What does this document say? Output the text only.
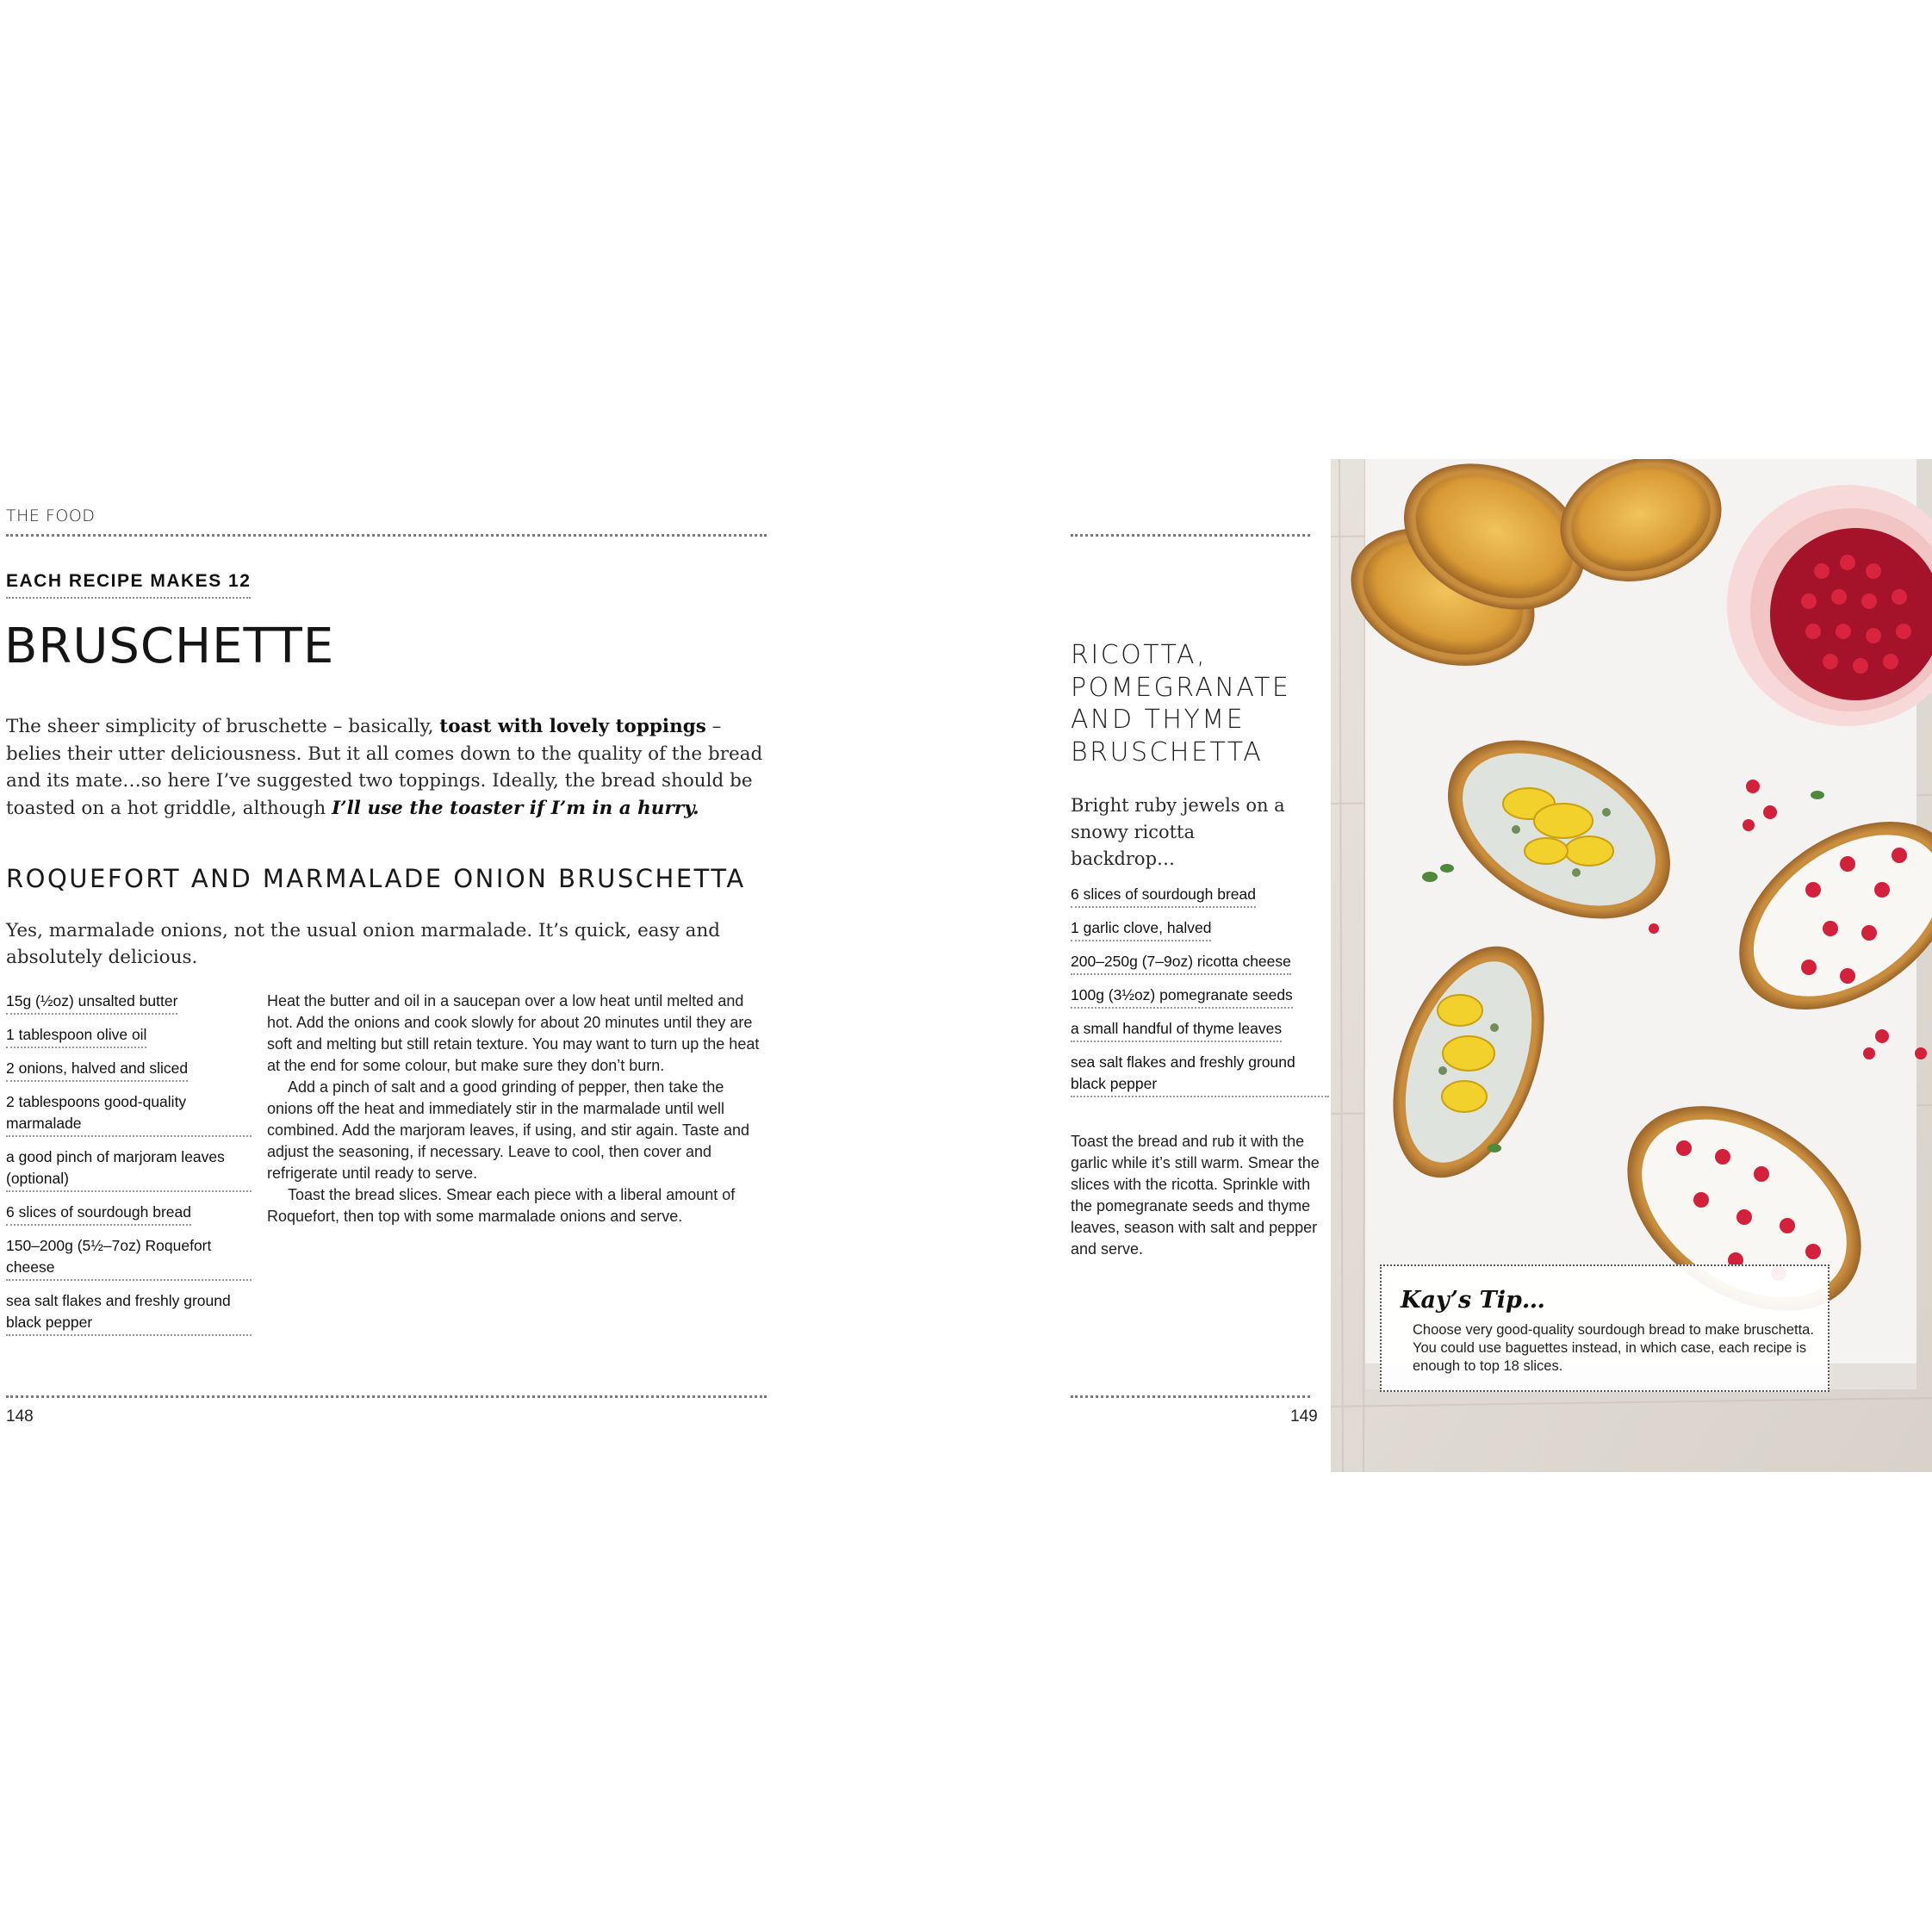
THE FOOD
EACH RECIPE MAKES 12
BRUSCHETTE
The sheer simplicity of bruschette – basically, toast with lovely toppings – belies their utter deliciousness. But it all comes down to the quality of the bread and its mate…so here I’ve suggested two toppings. Ideally, the bread should be toasted on a hot griddle, although I’ll use the toaster if I’m in a hurry.
ROQUEFORT AND MARMALADE ONION BRUSCHETTA
Yes, marmalade onions, not the usual onion marmalade. It’s quick, easy and absolutely delicious.
15g (½oz) unsalted butter
1 tablespoon olive oil
2 onions, halved and sliced
2 tablespoons good-quality marmalade
a good pinch of marjoram leaves (optional)
6 slices of sourdough bread
150–200g (5½–7oz) Roquefort cheese
sea salt flakes and freshly ground black pepper

Heat the butter and oil in a saucepan over a low heat until melted and hot. Add the onions and cook slowly for about 20 minutes until they are soft and melting but still retain texture. You may want to turn up the heat at the end for some colour, but make sure they don’t burn.

Add a pinch of salt and a good grinding of pepper, then take the onions off the heat and immediately stir in the marmalade until well combined. Add the marjoram leaves, if using, and stir again. Taste and adjust the seasoning, if necessary. Leave to cool, then cover and refrigerate until ready to serve.

Toast the bread slices. Smear each piece with a liberal amount of Roquefort, then top with some marmalade onions and serve.

148
RICOTTA, POMEGRANATE AND THYME BRUSCHETTA
Bright ruby jewels on a snowy ricotta backdrop…
6 slices of sourdough bread
1 garlic clove, halved
200–250g (7–9oz) ricotta cheese
100g (3½oz) pomegranate seeds
a small handful of thyme leaves
sea salt flakes and freshly ground black pepper

Toast the bread and rub it with the garlic while it’s still warm. Smear the slices with the ricotta. Sprinkle with the pomegranate seeds and thyme leaves, season with salt and pepper and serve.

149
Kay’s Tip…
Choose very good-quality sourdough bread to make bruschetta. You could use baguettes instead, in which case, each recipe is enough to top 18 slices.
